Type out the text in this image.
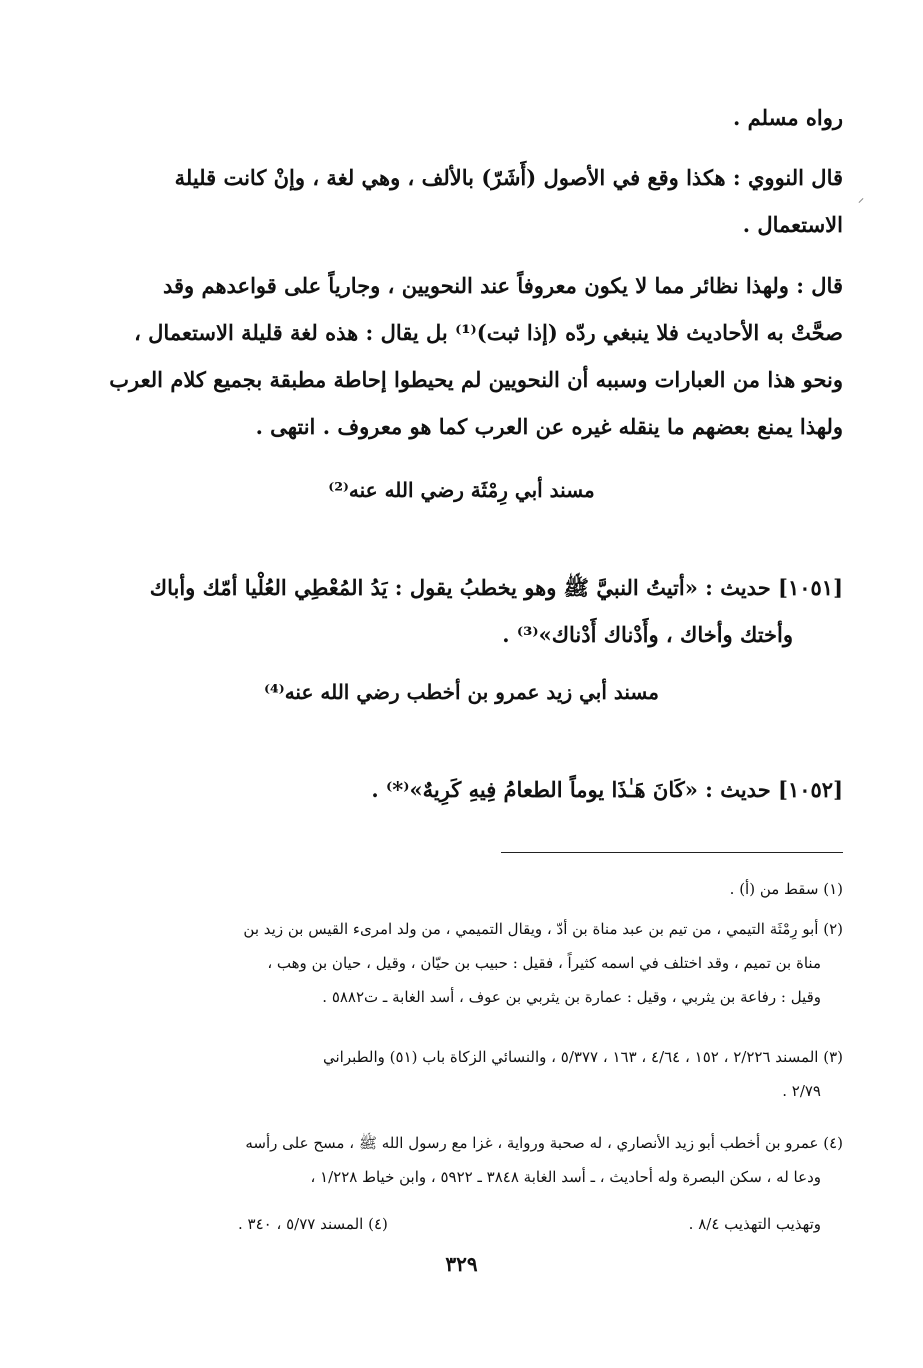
رواه مسلم .

قال النووي : هكذا وقع في الأصول (أَشَرّ) بالألف ، وهي لغة ، وإنْ كانت قليلة
الاستعمال .

قال : ولهذا نظائر مما لا يكون معروفاً عند النحويين ، وجارياً على قواعدهم وقد
صحَّتْ به الأحاديث فلا ينبغي ردّه (إذا ثبت)⁽¹⁾ بل يقال : هذه لغة قليلة الاستعمال ،
ونحو هذا من العبارات وسببه أن النحويين لم يحيطوا إحاطة مطبقة بجميع كلام العرب
ولهذا يمنع بعضهم ما ينقله غيره عن العرب كما هو معروف . انتهى .

مسند أبي رِمْثَة رضي الله عنه⁽²⁾

[١٠٥١] حديث : «أتيتُ النبيَّ ﷺ وهو يخطبُ يقول : يَدُ المُعْطِي العُلْيا أمّك وأباك
وأختك وأخاك ، وأَدْناك أَدْناك»⁽³⁾ .

مسند أبي زيد عمرو بن أخطب رضي الله عنه⁽⁴⁾

[١٠٥٢] حديث : «كَانَ هَـٰذَا يوماً الطعامُ فِيهِ كَرِيهٌ»⁽*⁾ .

(١) سقط من (أ) .

(٢) أبو رِمْثَة التيمي ، من تيم بن عبد مناة بن أدّ ، ويقال التميمي ، من ولد امرىء القيس بن زيد بن
مناة بن تميم ، وقد اختلف في اسمه كثيراً ، فقيل : حبيب بن حيّان ، وقيل ، حيان بن وهب ،
وقيل : رفاعة بن يثربي ، وقيل : عمارة بن يثربي بن عوف ، أسد الغابة ـ ت٥٨٨٢ .

(٣) المسند ٢/٢٢٦ ، ١٥٢ ، ٤/٦٤ ، ١٦٣ ، ٥/٣٧٧ ، والنسائي الزكاة باب (٥١) والطبراني
٢/٧٩ .

(٤) عمرو بن أخطب أبو زيد الأنصاري ، له صحبة ورواية ، غزا مع رسول الله ﷺ ، مسح على رأسه
ودعا له ، سكن البصرة وله أحاديث ، ـ أسد الغابة ٣٨٤٨ ـ ٥٩٢٢ ، وابن خياط ١/٢٢٨ ،

وتهذيب التهذيب ٨/٤ .
(٤) المسند ٥/٧٧ ، ٣٤٠ .
٣٢٩
